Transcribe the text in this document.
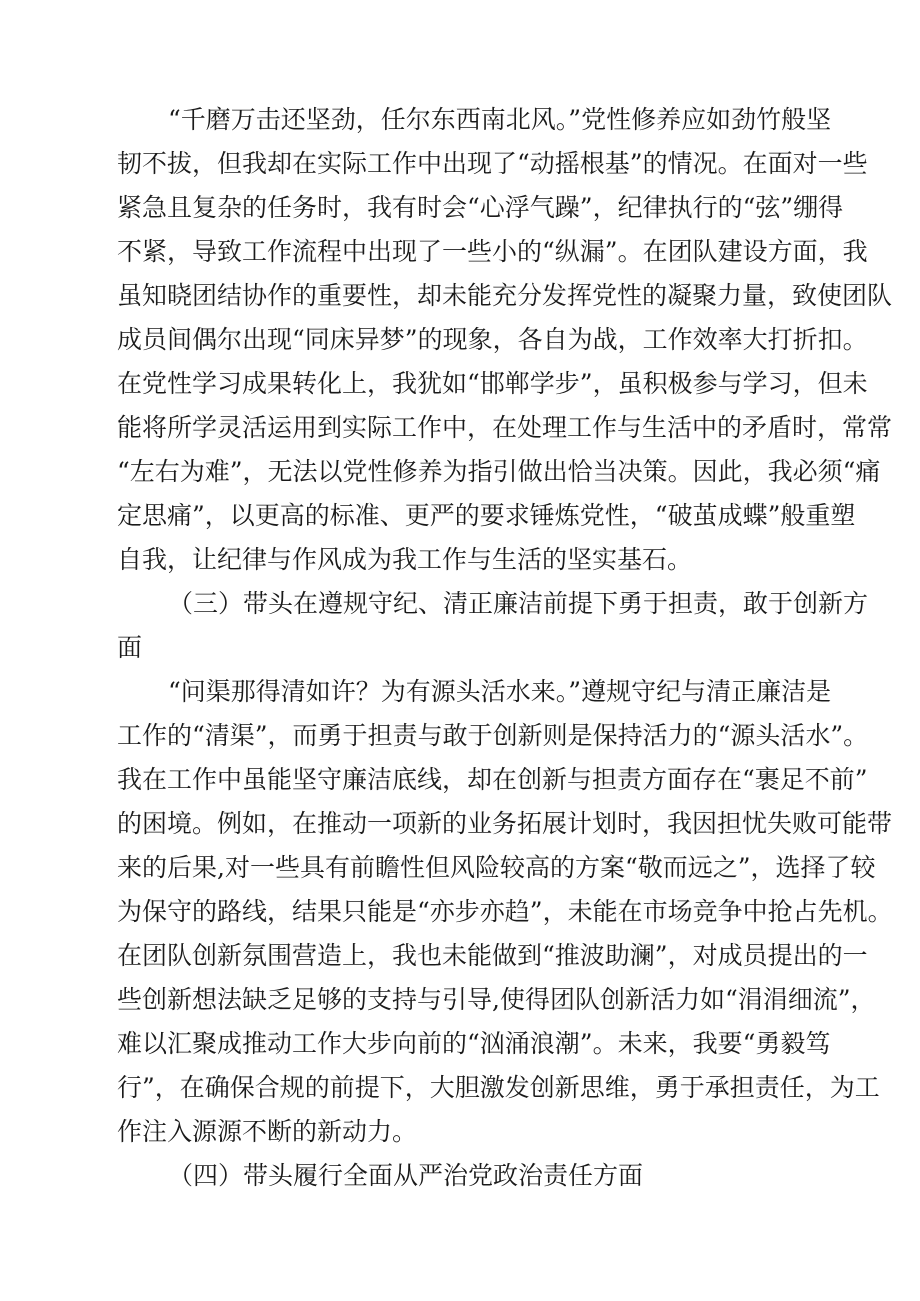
“千磨万击还坚劲，任尔东西南北风。”党性修养应如劲竹般坚
韧不拔，但我却在实际工作中出现了“动摇根基”的情况。在面对一些
紧急且复杂的任务时，我有时会“心浮气躁”，纪律执行的“弦”绷得
不紧，导致工作流程中出现了一些小的“纵漏”。在团队建设方面，我
虽知晓团结协作的重要性，却未能充分发挥党性的凝聚力量，致使团队
成员间偶尔出现“同床异梦”的现象，各自为战，工作效率大打折扣。
在党性学习成果转化上，我犹如“邯郸学步”，虽积极参与学习，但未
能将所学灵活运用到实际工作中，在处理工作与生活中的矛盾时，常常
“左右为难”，无法以党性修养为指引做出恰当决策。因此，我必须“痛
定思痛”，以更高的标准、更严的要求锤炼党性，“破茧成蝶”般重塑
自我，让纪律与作风成为我工作与生活的坚实基石。
（三）带头在遵规守纪、清正廉洁前提下勇于担责，敢于创新方
面
“问渠那得清如许？为有源头活水来。”遵规守纪与清正廉洁是
工作的“清渠”，而勇于担责与敢于创新则是保持活力的“源头活水”。
我在工作中虽能坚守廉洁底线，却在创新与担责方面存在“裹足不前”
的困境。例如，在推动一项新的业务拓展计划时，我因担忧失败可能带
来的后果,对一些具有前瞻性但风险较高的方案“敬而远之”，选择了较
为保守的路线，结果只能是“亦步亦趋”，未能在市场竞争中抢占先机。
在团队创新氛围营造上，我也未能做到“推波助澜”，对成员提出的一
些创新想法缺乏足够的支持与引导,使得团队创新活力如“涓涓细流”，
难以汇聚成推动工作大步向前的“汹涌浪潮”。未来，我要“勇毅笃
行”，在确保合规的前提下，大胆激发创新思维，勇于承担责任，为工
作注入源源不断的新动力。
（四）带头履行全面从严治党政治责任方面
